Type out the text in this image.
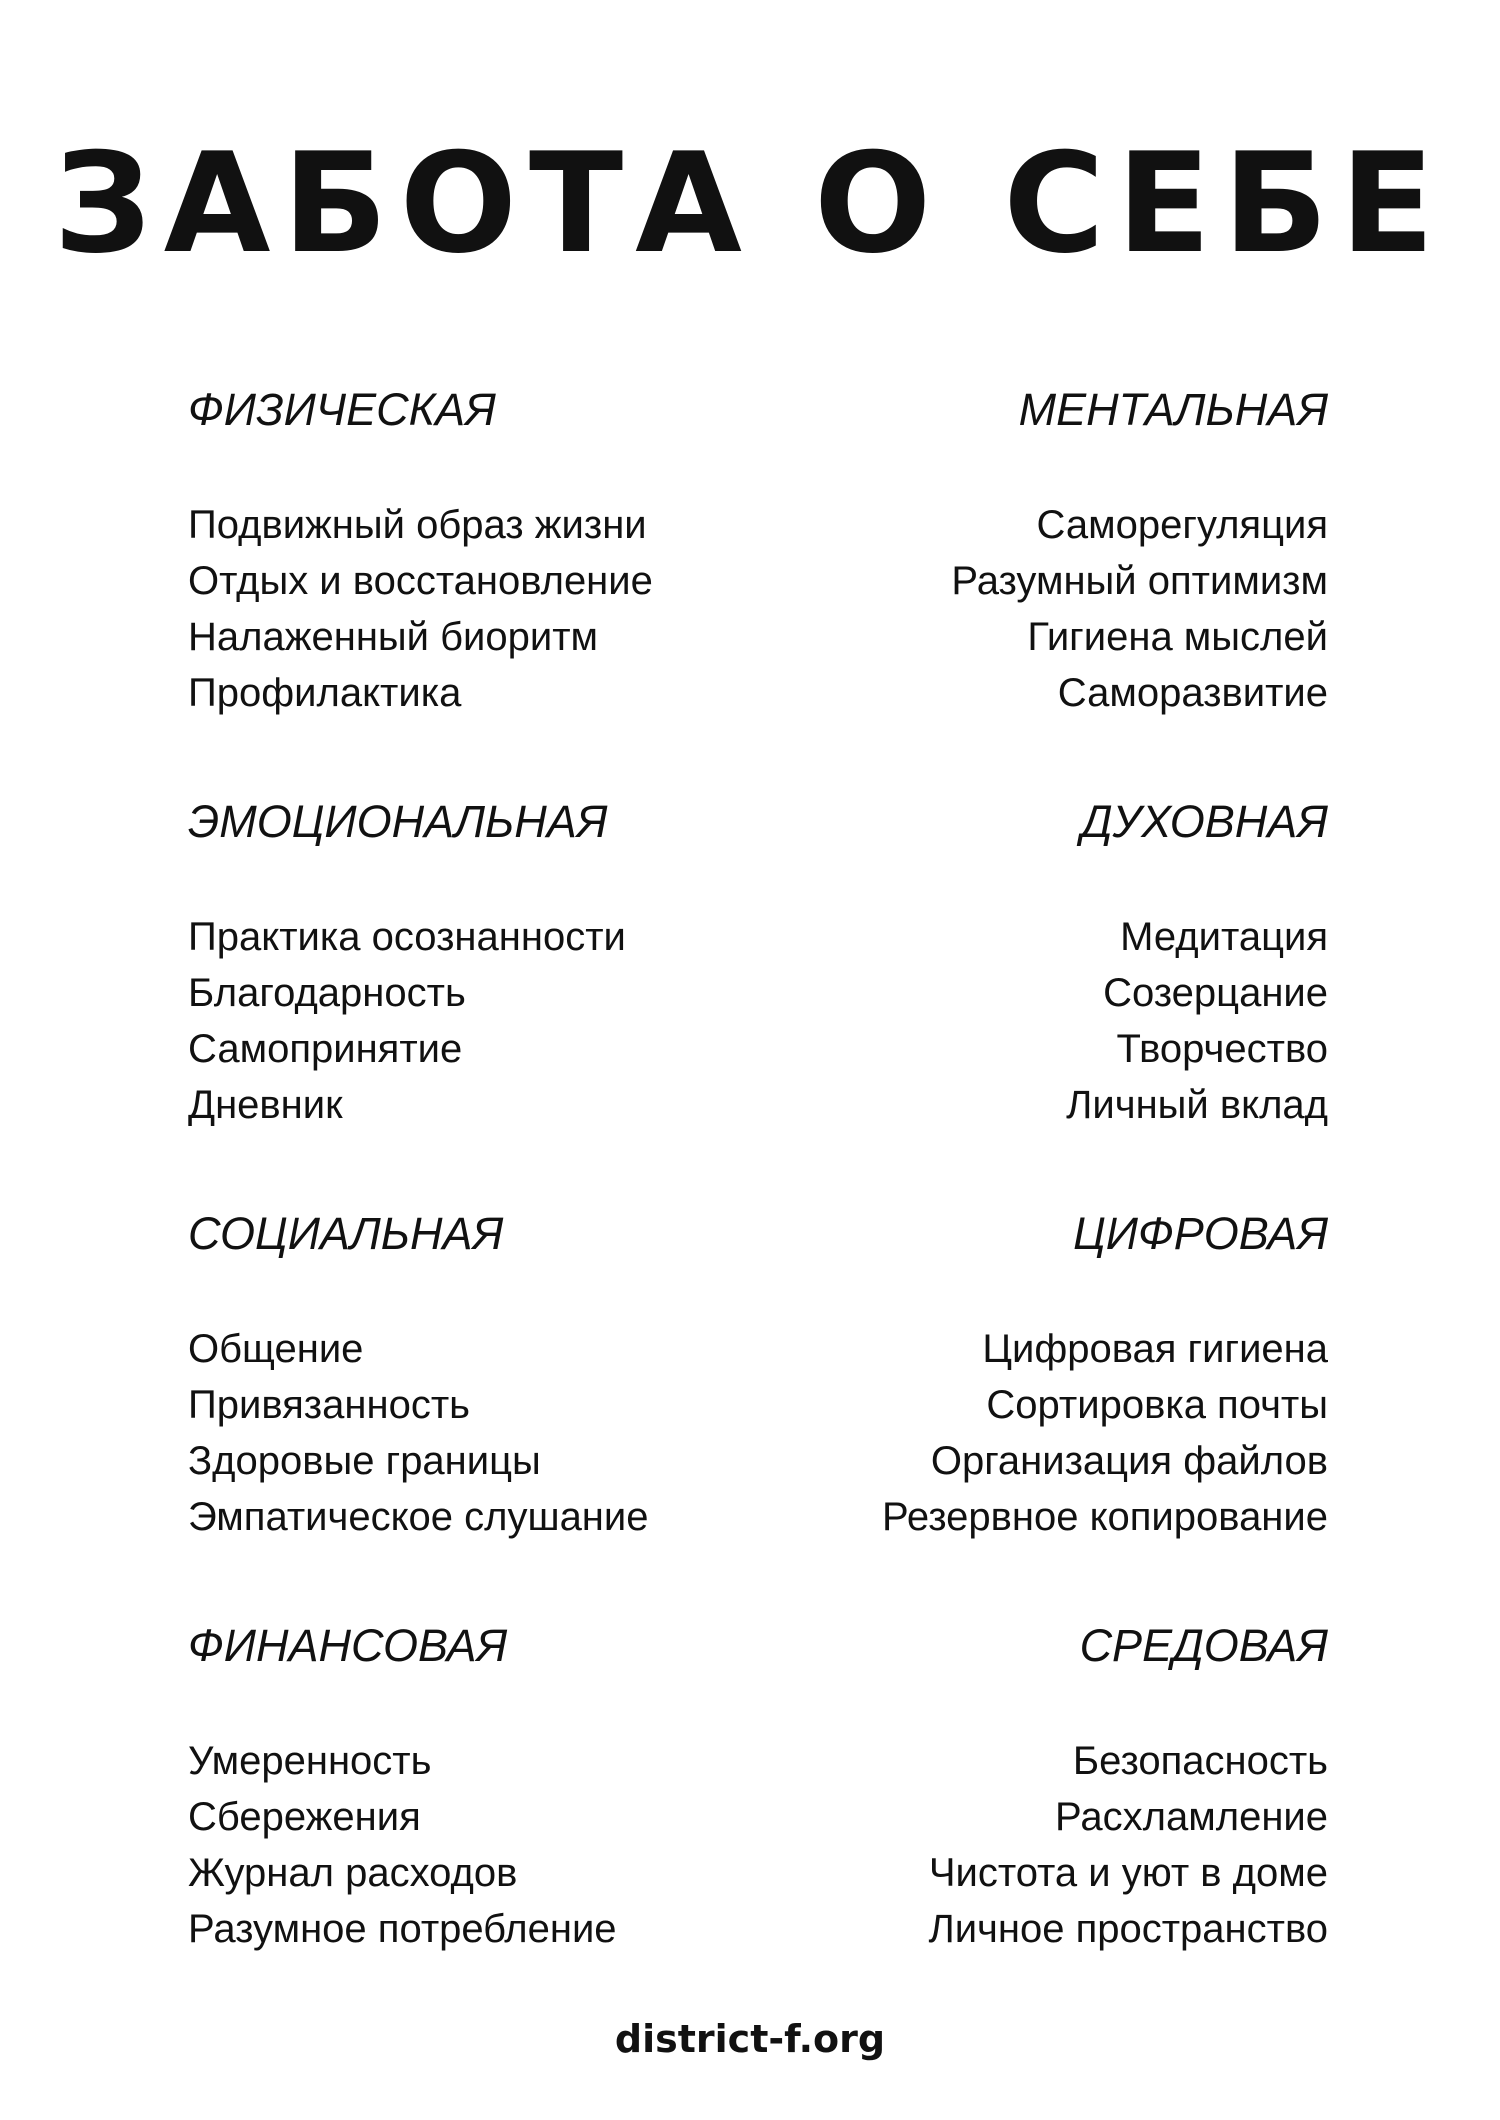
ЗАБОТА О СЕБЕ
ФИЗИЧЕСКАЯ
Подвижный образ жизни
Отдых и восстановление
Налаженный биоритм
Профилактика
МЕНТАЛЬНАЯ
Саморегуляция
Разумный оптимизм
Гигиена мыслей
Саморазвитие
ЭМОЦИОНАЛЬНАЯ
Практика осознанности
Благодарность
Самопринятие
Дневник
ДУХОВНАЯ
Медитация
Созерцание
Творчество
Личный вклад
СОЦИАЛЬНАЯ
Общение
Привязанность
Здоровые границы
Эмпатическое слушание
ЦИФРОВАЯ
Цифровая гигиена
Сортировка почты
Организация файлов
Резервное копирование
ФИНАНСОВАЯ
Умеренность
Сбережения
Журнал расходов
Разумное потребление
СРЕДОВАЯ
Безопасность
Расхламление
Чистота и уют в доме
Личное пространство
district-f.org
